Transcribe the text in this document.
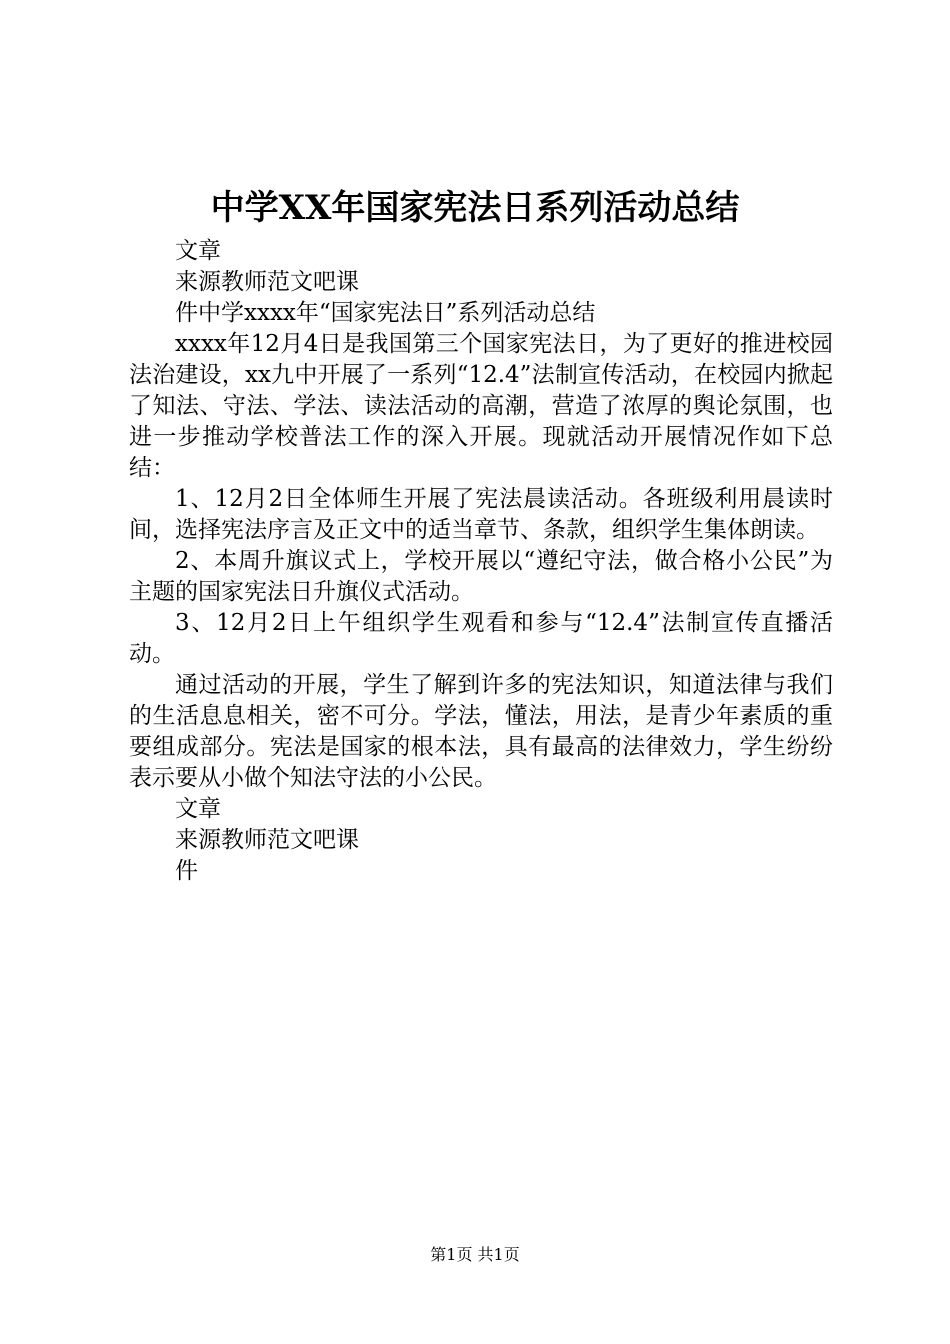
中学XX年国家宪法日系列活动总结

文章

来源教师范文吧课

件中学xxxx年“国家宪法日”系列活动总结

xxxx年12月4日是我国第三个国家宪法日，为了更好的推进校园法治建设，xx九中开展了一系列“12.4”法制宣传活动，在校园内掀起了知法、守法、学法、读法活动的高潮，营造了浓厚的舆论氛围，也进一步推动学校普法工作的深入开展。现就活动开展情况作如下总结：

1、12月2日全体师生开展了宪法晨读活动。各班级利用晨读时间，选择宪法序言及正文中的适当章节、条款，组织学生集体朗读。

2、本周升旗议式上，学校开展以“遵纪守法，做合格小公民”为主题的国家宪法日升旗仪式活动。

3、12月2日上午组织学生观看和参与“12.4”法制宣传直播活动。

通过活动的开展，学生了解到许多的宪法知识，知道法律与我们的生活息息相关，密不可分。学法，懂法，用法，是青少年素质的重要组成部分。宪法是国家的根本法，具有最高的法律效力，学生纷纷表示要从小做个知法守法的小公民。

文章

来源教师范文吧课

件

第1页 共1页
